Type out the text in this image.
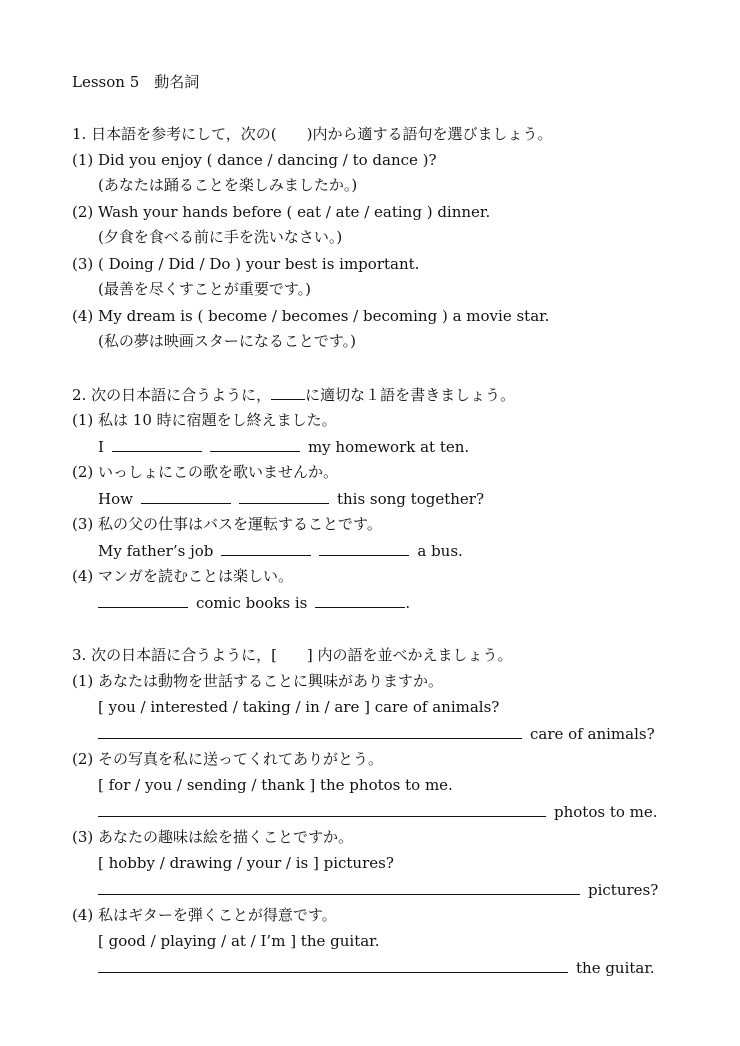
Lesson 5　動名詞
1. 日本語を参考にして，次の(　　)内から適する語句を選びましょう。
(1) Did you enjoy ( dance / dancing / to dance )?
(あなたは踊ることを楽しみましたか。)
(2) Wash your hands before ( eat / ate / eating ) dinner.
(夕食を食べる前に手を洗いなさい。)
(3) ( Doing / Did / Do ) your best is important.
(最善を尽くすことが重要です。)
(4) My dream is ( become / becomes / becoming ) a movie star.
(私の夢は映画スターになることです。)
2. 次の日本語に合うように， に適切な１語を書きましょう。
(1) 私は 10 時に宿題をし終えました。
I	my homework at ten.
(2) いっしょにこの歌を歌いませんか。
How	this song together?
(3) 私の父の仕事はバスを運転することです。
My father’s job	a bus.
(4) マンガを読むことは楽しい。
comic books is	.
3. 次の日本語に合うように，[　　] 内の語を並べかえましょう。
(1) あなたは動物を世話することに興味がありますか。
[ you / interested / taking / in / are ] care of animals?
care of animals?
(2) その写真を私に送ってくれてありがとう。
[ for / you / sending / thank ] the photos to me.
photos to me.
(3) あなたの趣味は絵を描くことですか。
[ hobby / drawing / your / is ] pictures?
pictures?
(4) 私はギターを弾くことが得意です。
[ good / playing / at / I’m ] the guitar.
the guitar.
